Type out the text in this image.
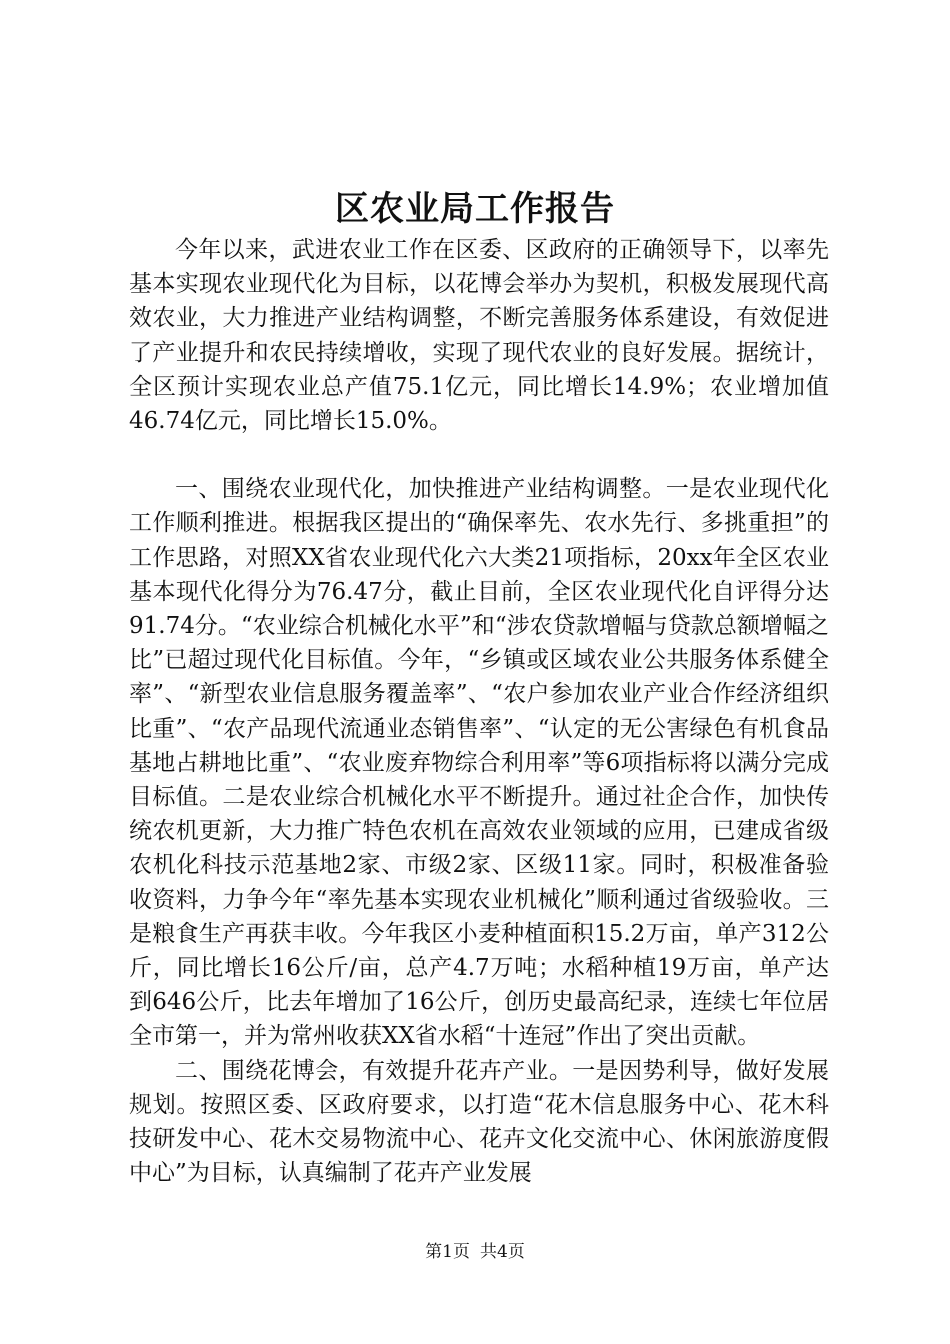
区农业局工作报告

今年以来，武进农业工作在区委、区政府的正确领导下，以率先基本实现农业现代化为目标，以花博会举办为契机，积极发展现代高效农业，大力推进产业结构调整，不断完善服务体系建设，有效促进了产业提升和农民持续增收，实现了现代农业的良好发展。据统计，全区预计实现农业总产值75.1亿元，同比增长14.9%；农业增加值46.74亿元，同比增长15.0%。

一、围绕农业现代化，加快推进产业结构调整。一是农业现代化工作顺利推进。根据我区提出的“确保率先、农水先行、多挑重担”的工作思路，对照XX省农业现代化六大类21项指标，20xx年全区农业基本现代化得分为76.47分，截止目前，全区农业现代化自评得分达91.74分。“农业综合机械化水平”和“涉农贷款增幅与贷款总额增幅之比”已超过现代化目标值。今年，“乡镇或区域农业公共服务体系健全率”、“新型农业信息服务覆盖率”、“农户参加农业产业合作经济组织比重”、“农产品现代流通业态销售率”、“认定的无公害绿色有机食品基地占耕地比重”、“农业废弃物综合利用率”等6项指标将以满分完成目标值。二是农业综合机械化水平不断提升。通过社企合作，加快传统农机更新，大力推广特色农机在高效农业领域的应用，已建成省级农机化科技示范基地2家、市级2家、区级11家。同时，积极准备验收资料，力争今年“率先基本实现农业机械化”顺利通过省级验收。三是粮食生产再获丰收。今年我区小麦种植面积15.2万亩，单产312公斤，同比增长16公斤/亩，总产4.7万吨；水稻种植19万亩，单产达到646公斤，比去年增加了16公斤，创历史最高纪录，连续七年位居全市第一，并为常州收获XX省水稻“十连冠”作出了突出贡献。

二、围绕花博会，有效提升花卉产业。一是因势利导，做好发展规划。按照区委、区政府要求，以打造“花木信息服务中心、花木科技研发中心、花木交易物流中心、花卉文化交流中心、休闲旅游度假中心”为目标，认真编制了花卉产业发展

第1页 共4页
